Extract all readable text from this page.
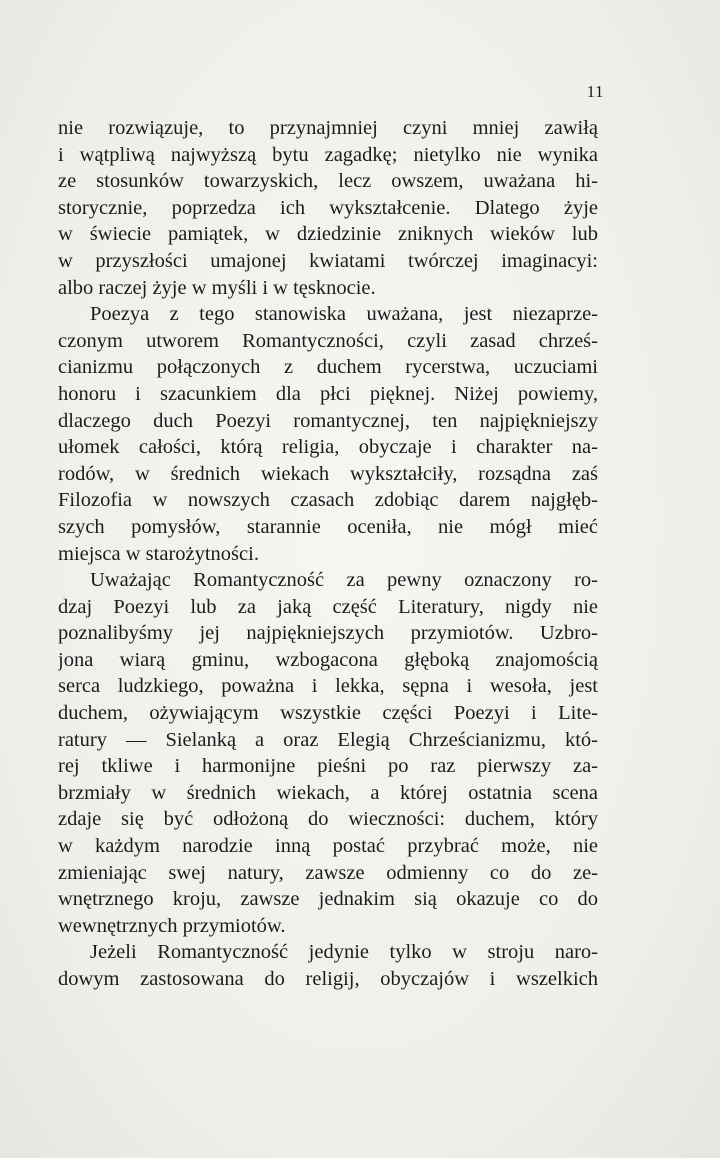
11
nie rozwiązuje, to przynajmniej czyni mniej zawiłą
i wątpliwą najwyższą bytu zagadkę; nietylko nie wynika
ze stosunków towarzyskich, lecz owszem, uważana hi-
storycznie, poprzedza ich wykształcenie. Dlatego żyje
w świecie pamiątek, w dziedzinie zniknych wieków lub
w przyszłości umajonej kwiatami twórczej imaginacyi:
albo raczej żyje w myśli i w tęsknocie.
Poezya z tego stanowiska uważana, jest niezaprze-
czonym utworem Romantyczności, czyli zasad chrześ-
cianizmu połączonych z duchem rycerstwa, uczuciami
honoru i szacunkiem dla płci pięknej. Niżej powiemy,
dlaczego duch Poezyi romantycznej, ten najpiękniejszy
ułomek całości, którą religia, obyczaje i charakter na-
rodów, w średnich wiekach wykształciły, rozsądna zaś
Filozofia w nowszych czasach zdobiąc darem najgłęb-
szych pomysłów, starannie oceniła, nie mógł mieć
miejsca w starożytności.
Uważając Romantyczność za pewny oznaczony ro-
dzaj Poezyi lub za jaką część Literatury, nigdy nie
poznalibyśmy jej najpiękniejszych przymiotów. Uzbro-
jona wiarą gminu, wzbogacona głęboką znajomością
serca ludzkiego, poważna i lekka, sępna i wesoła, jest
duchem, ożywiającym wszystkie części Poezyi i Lite-
ratury — Sielanką a oraz Elegią Chrześcianizmu, któ-
rej tkliwe i harmonijne pieśni po raz pierwszy za-
brzmiały w średnich wiekach, a której ostatnia scena
zdaje się być odłożoną do wieczności: duchem, który
w każdym narodzie inną postać przybrać może, nie
zmieniając swej natury, zawsze odmienny co do ze-
wnętrznego kroju, zawsze jednakim sią okazuje co do
wewnętrznych przymiotów.
Jeżeli Romantyczność jedynie tylko w stroju naro-
dowym zastosowana do religij, obyczajów i wszelkich
